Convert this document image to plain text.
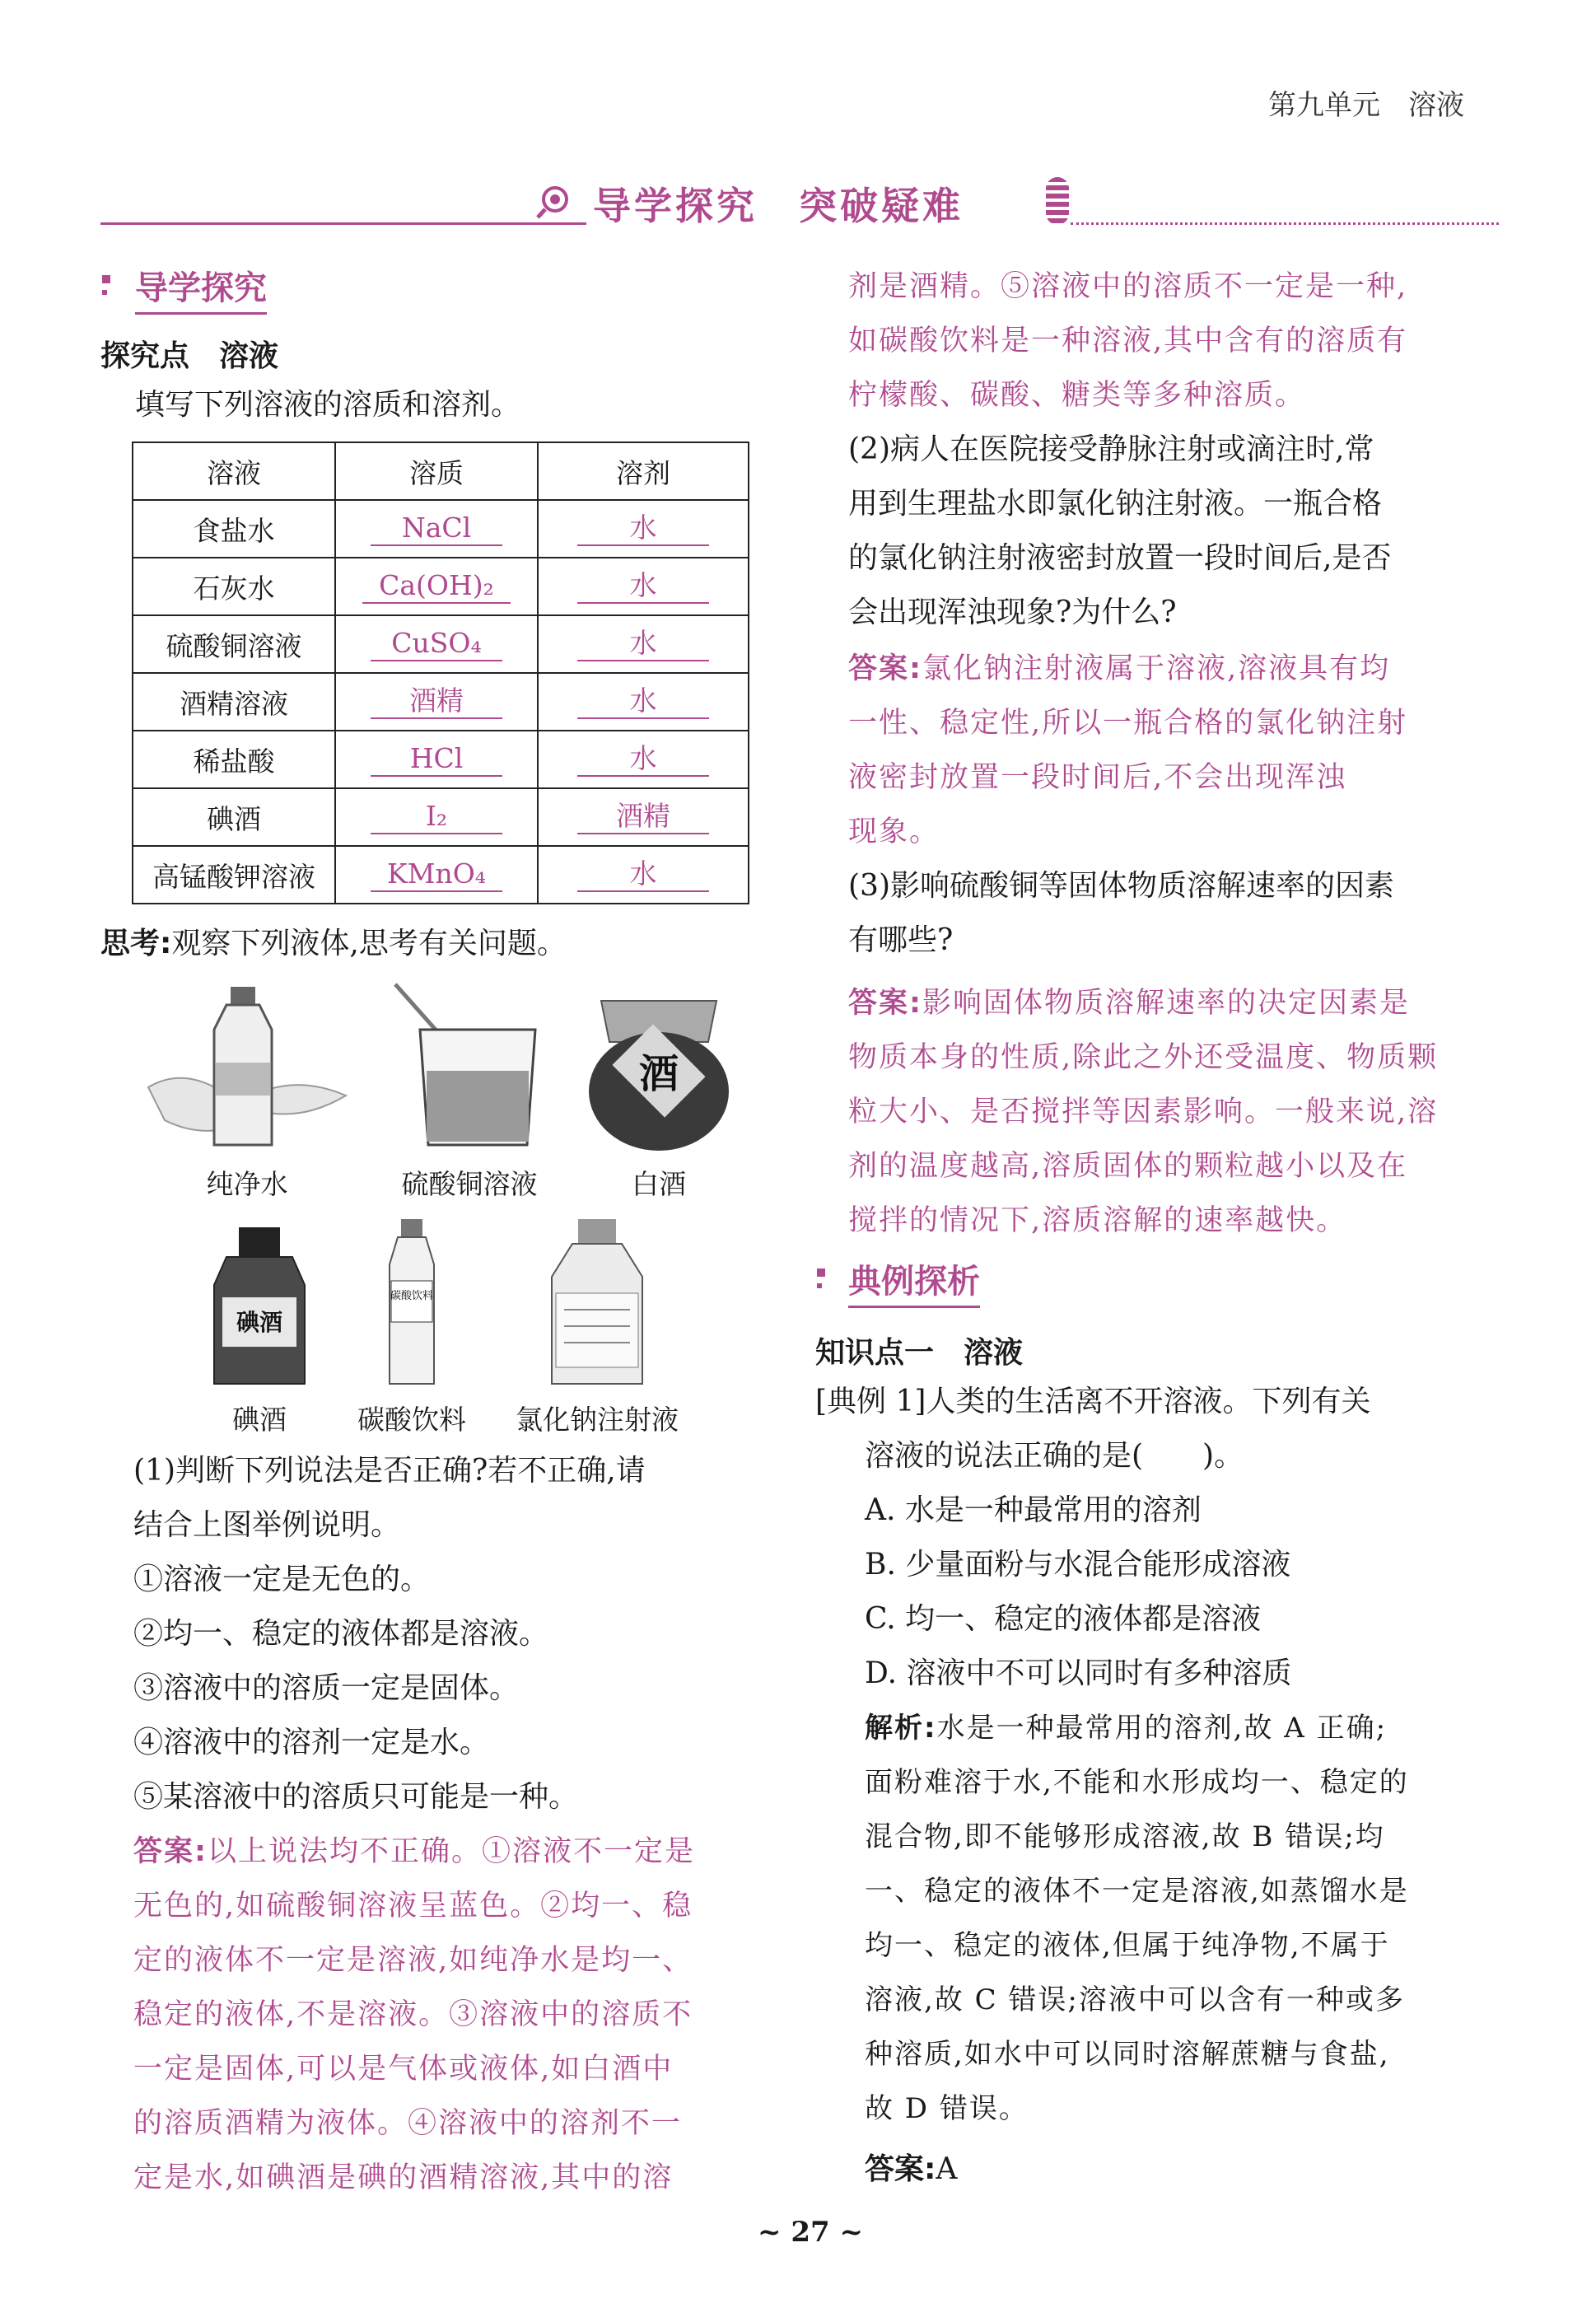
第九单元　溶液
导学探究　突破疑难
导学探究
探究点　溶液
填写下列溶液的溶质和溶剂。
溶液	溶质	溶剂
食盐水	NaCl	水
石灰水	Ca(OH)₂	水
硫酸铜溶液	CuSO₄	水
酒精溶液	酒精	水
稀盐酸	HCl	水
碘酒	I₂	酒精
高锰酸钾溶液	KMnO₄	水
思考:观察下列液体,思考有关问题。
酒
纯净水	硫酸铜溶液	白酒
碘酒
碳酸饮料
碘酒	碳酸饮料	氯化钠注射液
(1)判断下列说法是否正确?若不正确,请
结合上图举例说明。
①溶液一定是无色的。
②均一、稳定的液体都是溶液。
③溶液中的溶质一定是固体。
④溶液中的溶剂一定是水。
⑤某溶液中的溶质只可能是一种。
答案:以上说法均不正确。①溶液不一定是
无色的,如硫酸铜溶液呈蓝色。②均一、稳
定的液体不一定是溶液,如纯净水是均一、
稳定的液体,不是溶液。③溶液中的溶质不
一定是固体,可以是气体或液体,如白酒中
的溶质酒精为液体。④溶液中的溶剂不一
定是水,如碘酒是碘的酒精溶液,其中的溶
剂是酒精。⑤溶液中的溶质不一定是一种,
如碳酸饮料是一种溶液,其中含有的溶质有
柠檬酸、碳酸、糖类等多种溶质。
(2)病人在医院接受静脉注射或滴注时,常
用到生理盐水即氯化钠注射液。一瓶合格
的氯化钠注射液密封放置一段时间后,是否
会出现浑浊现象?为什么?
答案:氯化钠注射液属于溶液,溶液具有均
一性、稳定性,所以一瓶合格的氯化钠注射
液密封放置一段时间后,不会出现浑浊
现象。
(3)影响硫酸铜等固体物质溶解速率的因素
有哪些?
答案:影响固体物质溶解速率的决定因素是
物质本身的性质,除此之外还受温度、物质颗
粒大小、是否搅拌等因素影响。一般来说,溶
剂的温度越高,溶质固体的颗粒越小以及在
搅拌的情况下,溶质溶解的速率越快。
典例探析
知识点一　溶液
[典例 1]人类的生活离不开溶液。下列有关
溶液的说法正确的是(　　)。
A. 水是一种最常用的溶剂
B. 少量面粉与水混合能形成溶液
C. 均一、稳定的液体都是溶液
D. 溶液中不可以同时有多种溶质
解析:水是一种最常用的溶剂,故 A 正确;
面粉难溶于水,不能和水形成均一、稳定的
混合物,即不能够形成溶液,故 B 错误;均
一、稳定的液体不一定是溶液,如蒸馏水是
均一、稳定的液体,但属于纯净物,不属于
溶液,故 C 错误;溶液中可以含有一种或多
种溶质,如水中可以同时溶解蔗糖与食盐,
故 D 错误。
答案:A
~ 27 ~
